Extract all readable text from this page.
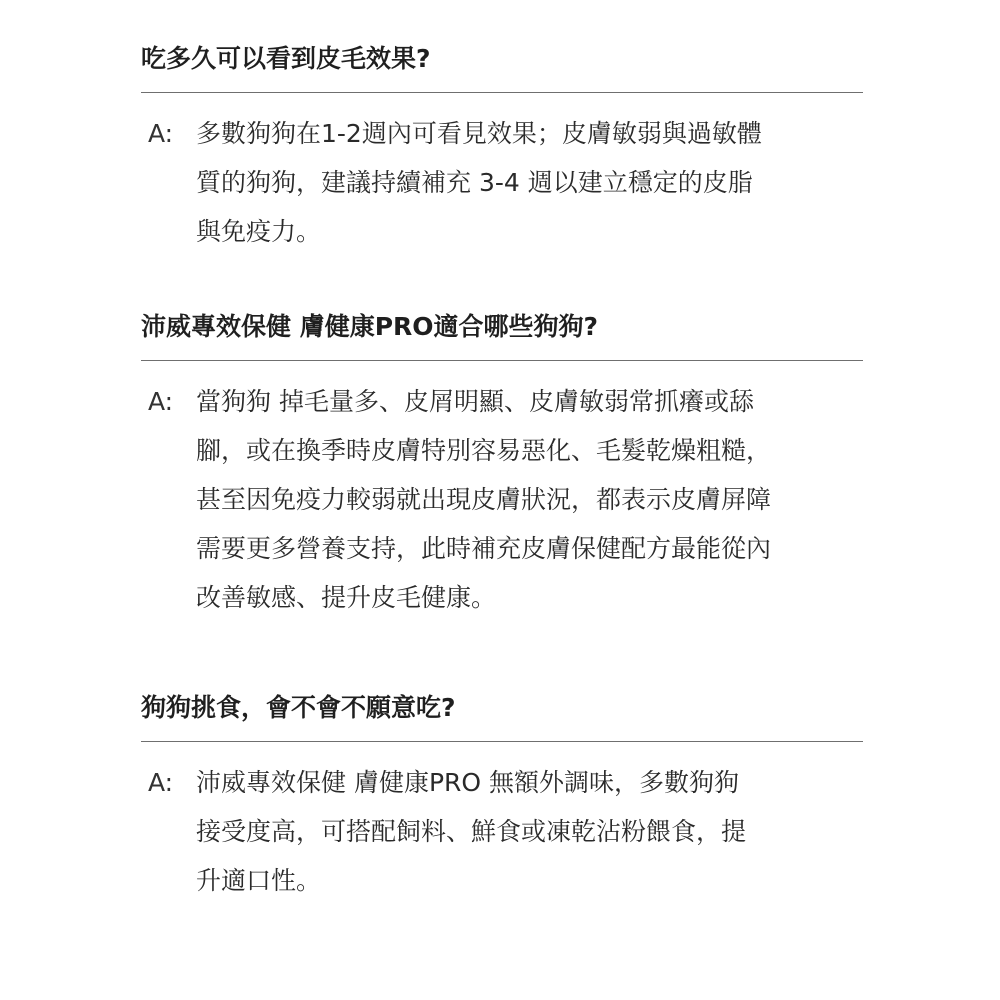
吃多久可以看到皮毛效果?
A: 多數狗狗在1-2週內可看見效果；皮膚敏弱與過敏體
質的狗狗，建議持續補充 3-4 週以建立穩定的皮脂
與免疫力。
沛威專效保健 膚健康PRO適合哪些狗狗?
A: 當狗狗 掉毛量多、皮屑明顯、皮膚敏弱常抓癢或舔
腳，或在換季時皮膚特別容易惡化、毛髮乾燥粗糙，
甚至因免疫力較弱就出現皮膚狀況，都表示皮膚屏障
需要更多營養支持，此時補充皮膚保健配方最能從內
改善敏感、提升皮毛健康。
狗狗挑食，會不會不願意吃?
A: 沛威專效保健 膚健康PRO 無額外調味，多數狗狗
接受度高，可搭配飼料、鮮食或凍乾沾粉餵食，提
升適口性。
